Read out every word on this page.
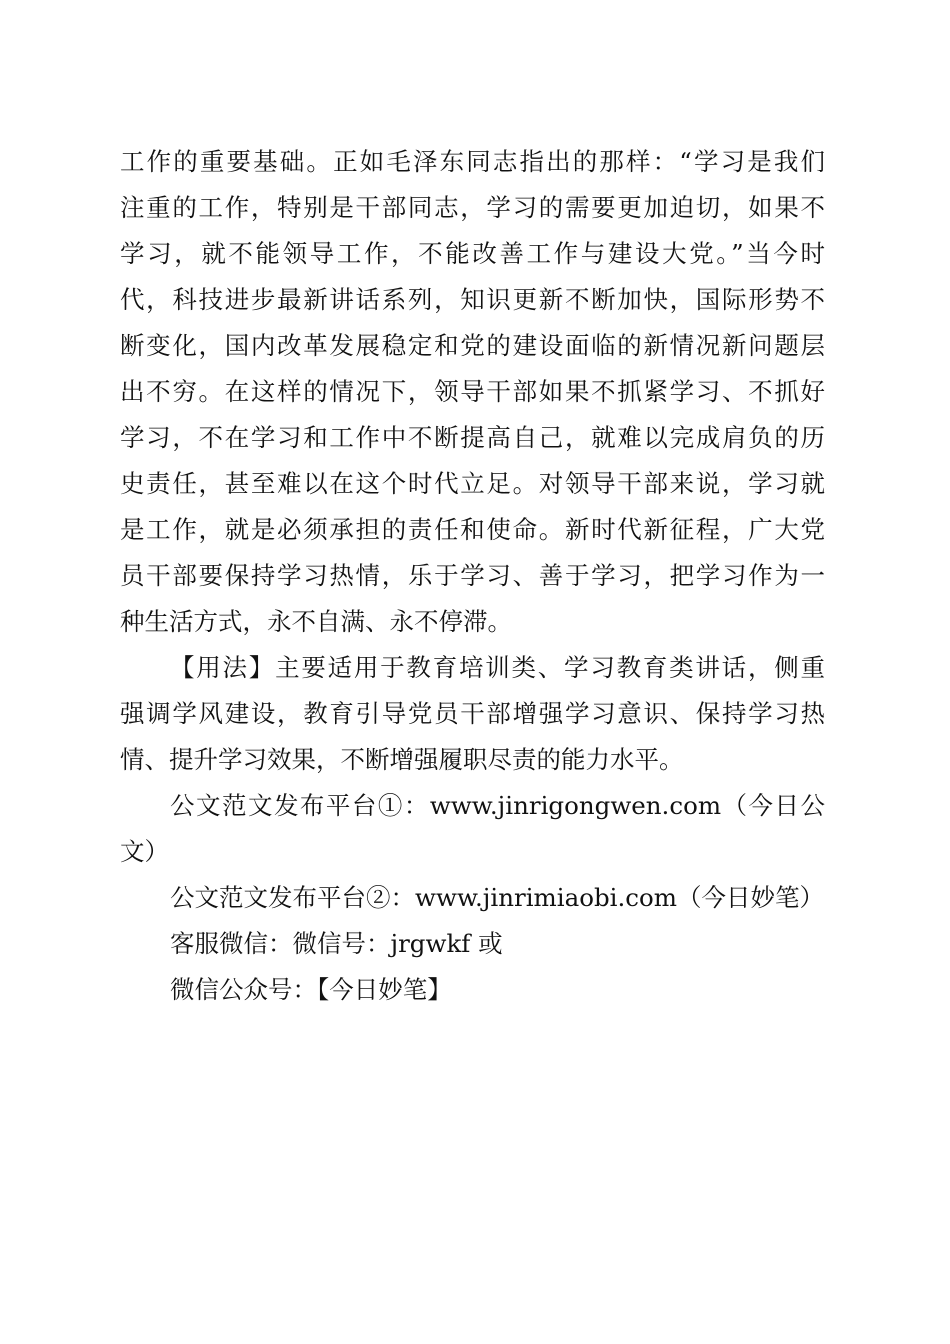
工作的重要基础。正如毛泽东同志指出的那样：“学习是我们
注重的工作，特别是干部同志，学习的需要更加迫切，如果不
学习，就不能领导工作，不能改善工作与建设大党。”当今时
代，科技进步最新讲话系列，知识更新不断加快，国际形势不
断变化，国内改革发展稳定和党的建设面临的新情况新问题层
出不穷。在这样的情况下，领导干部如果不抓紧学习、不抓好
学习，不在学习和工作中不断提高自己，就难以完成肩负的历
史责任，甚至难以在这个时代立足。对领导干部来说，学习就
是工作，就是必须承担的责任和使命。新时代新征程，广大党
员干部要保持学习热情，乐于学习、善于学习，把学习作为一
种生活方式，永不自满、永不停滞。
【用法】主要适用于教育培训类、学习教育类讲话，侧重
强调学风建设，教育引导党员干部增强学习意识、保持学习热
情、提升学习效果，不断增强履职尽责的能力水平。
公文范文发布平台①：www.jinrigongwen.com（今日公
文）
公文范文发布平台②：www.jinrimiaobi.com（今日妙笔）
客服微信：微信号：jrgwkf 或
微信公众号：【今日妙笔】
